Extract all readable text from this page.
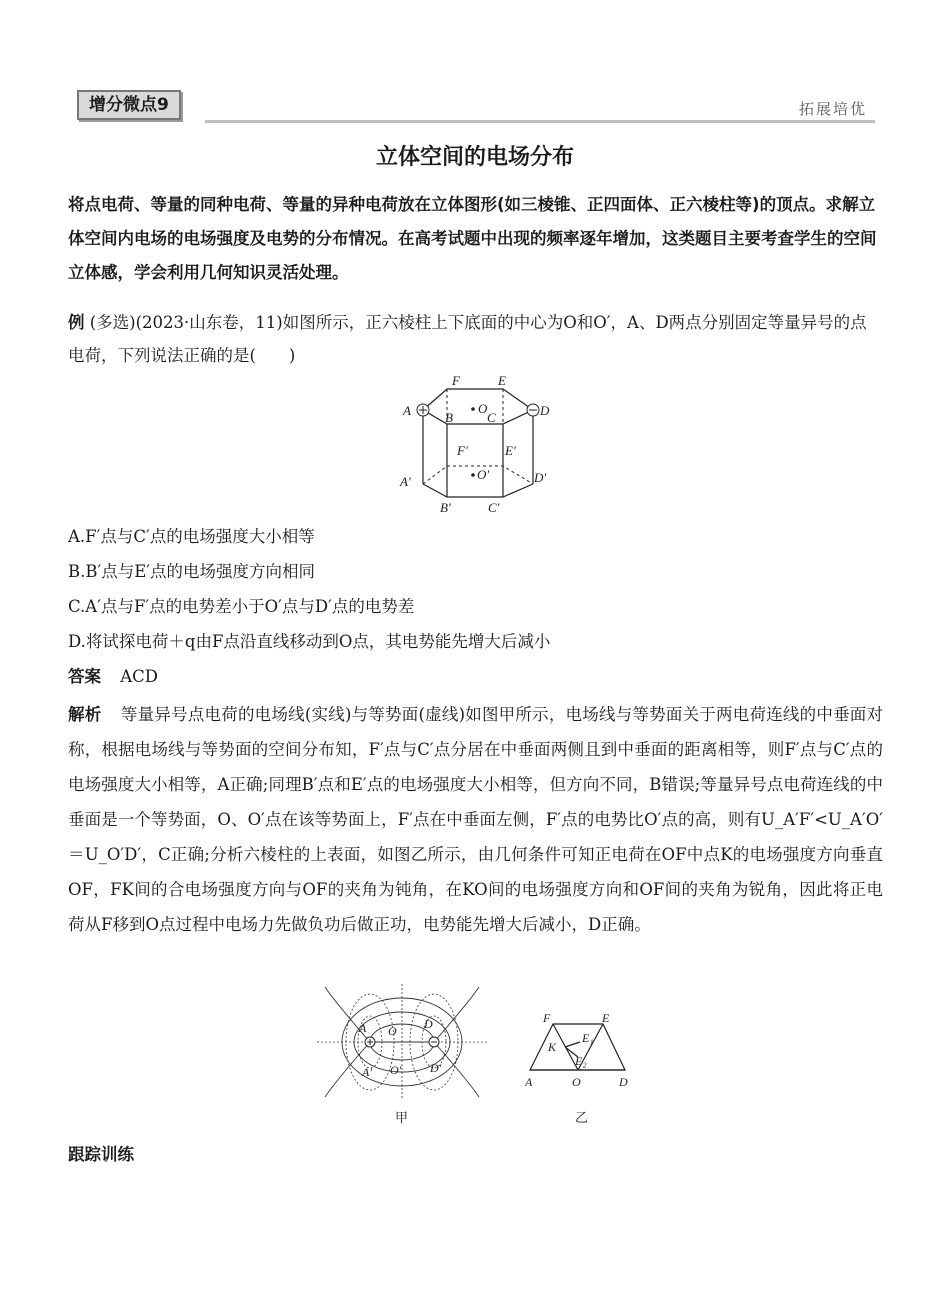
增分微点9	拓展培优
立体空间的电场分布
将点电荷、等量的同种电荷、等量的异种电荷放在立体图形(如三棱锥、正四面体、正六棱柱等)的顶点。求解立体空间内电场的电场强度及电势的分布情况。在高考试题中出现的频率逐年增加，这类题目主要考查学生的空间立体感，学会利用几何知识灵活处理。
例 (多选)(2023·山东卷，11)如图所示，正六棱柱上下底面的中心为O和O′，A、D两点分别固定等量异号的点电荷，下列说法正确的是(　　)
F	E
A	D
B	C
O
F′	E′
O′
A′	D′
B′	C′
A.F′点与C′点的电场强度大小相等
B.B′点与E′点的电场强度方向相同
C.A′点与F′点的电势差小于O′点与D′点的电势差
D.将试探电荷＋q由F点沿直线移动到O点，其电势能先增大后减小
答案 ACD
解析 等量异号点电荷的电场线(实线)与等势面(虚线)如图甲所示，电场线与等势面关于两电荷连线的中垂面对称，根据电场线与等势面的空间分布知，F′点与C′点分居在中垂面两侧且到中垂面的距离相等，则F′点与C′点的电场强度大小相等，A正确;同理B′点和E′点的电场强度大小相等，但方向不同，B错误;等量异号点电荷连线的中垂面是一个等势面，O、O′点在该等势面上，F′点在中垂面左侧，F′点的电势比O′点的高，则有U_A′F′<U_A′O′＝U_O′D′，C正确;分析六棱柱的上表面，如图乙所示，由几何条件可知正电荷在OF中点K的电场强度方向垂直OF，FK间的合电场强度方向与OF的夹角为钝角，在KO间的电场强度方向和OF间的夹角为锐角，因此将正电荷从F移到O点过程中电场力先做负功后做正功，电势能先增大后减小，D正确。
A O D
A′ O′ D′
甲
F	E
K
E₁
E₂
A	O	D
乙
跟踪训练
